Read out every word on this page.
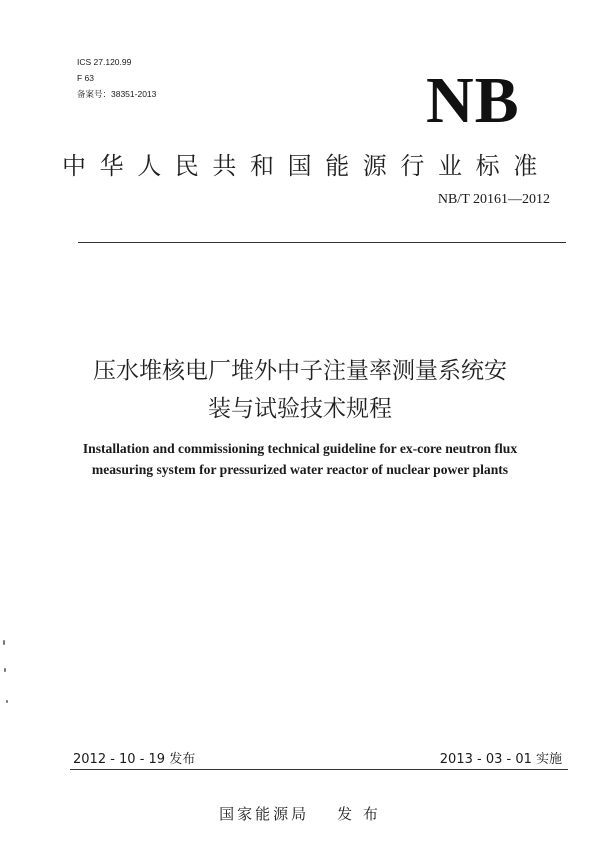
ICS 27.120.99
F 63
备案号：38351-2013	NB
中华人民共和国能源行业标准
NB/T 20161—2012
压水堆核电厂堆外中子注量率测量系统安
装与试验技术规程
Installation and commissioning technical guideline for ex-core neutron flux
measuring system for pressurized water reactor of nuclear power plants
2012 - 10 - 19 发布	2013 - 03 - 01 实施
国家能源局 发 布
